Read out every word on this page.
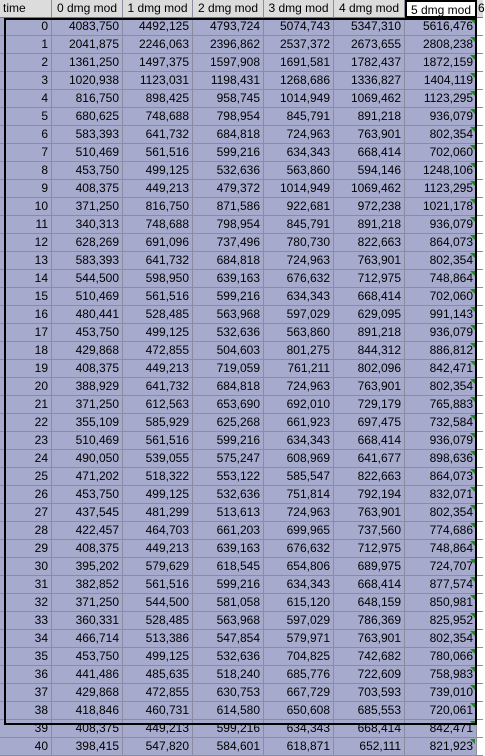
time	0 dmg mod 1 dmg mod 2 dmg mod 3 dmg mod 4 dmg mod 5 dmg mod 6
0	4083,750	4492,125	4793,724	5074,743	5347,310	5616,476
1	2041,875	2246,063	2396,862	2537,372	2673,655	2808,238
2	1361,250	1497,375	1597,908	1691,581	1782,437	1872,159
3	1020,938	1123,031	1198,431	1268,686	1336,827	1404,119
4	816,750	898,425	958,745	1014,949	1069,462	1123,295
5	680,625	748,688	798,954	845,791	891,218	936,079
6	583,393	641,732	684,818	724,963	763,901	802,354
7	510,469	561,516	599,216	634,343	668,414	702,060
8	453,750	499,125	532,636	563,860	594,146	1248,106
9	408,375	449,213	479,372	1014,949	1069,462	1123,295
10	371,250	816,750	871,586	922,681	972,238	1021,178
11	340,313	748,688	798,954	845,791	891,218	936,079
12	628,269	691,096	737,496	780,730	822,663	864,073
13	583,393	641,732	684,818	724,963	763,901	802,354
14	544,500	598,950	639,163	676,632	712,975	748,864
15	510,469	561,516	599,216	634,343	668,414	702,060
16	480,441	528,485	563,968	597,029	629,095	991,143
17	453,750	499,125	532,636	563,860	891,218	936,079
18	429,868	472,855	504,603	801,275	844,312	886,812
19	408,375	449,213	719,059	761,211	802,096	842,471
20	388,929	641,732	684,818	724,963	763,901	802,354
21	371,250	612,563	653,690	692,010	729,179	765,883
22	355,109	585,929	625,268	661,923	697,475	732,584
23	510,469	561,516	599,216	634,343	668,414	936,079
24	490,050	539,055	575,247	608,969	641,677	898,636
25	471,202	518,322	553,122	585,547	822,663	864,073
26	453,750	499,125	532,636	751,814	792,194	832,071
27	437,545	481,299	513,613	724,963	763,901	802,354
28	422,457	464,703	661,203	699,965	737,560	774,686
29	408,375	449,213	639,163	676,632	712,975	748,864
30	395,202	579,629	618,545	654,806	689,975	724,707
31	382,852	561,516	599,216	634,343	668,414	877,574
32	371,250	544,500	581,058	615,120	648,159	850,981
33	360,331	528,485	563,968	597,029	786,369	825,952
34	466,714	513,386	547,854	579,971	763,901	802,354
35	453,750	499,125	532,636	704,825	742,682	780,066
36	441,486	485,635	518,240	685,776	722,609	758,983
37	429,868	472,855	630,753	667,729	703,593	739,010
38	418,846	460,731	614,580	650,608	685,553	720,061
39	408,375	449,213	599,216	634,343	668,414	842,471
40	398,415	547,820	584,601	618,871	652,111	821,923
